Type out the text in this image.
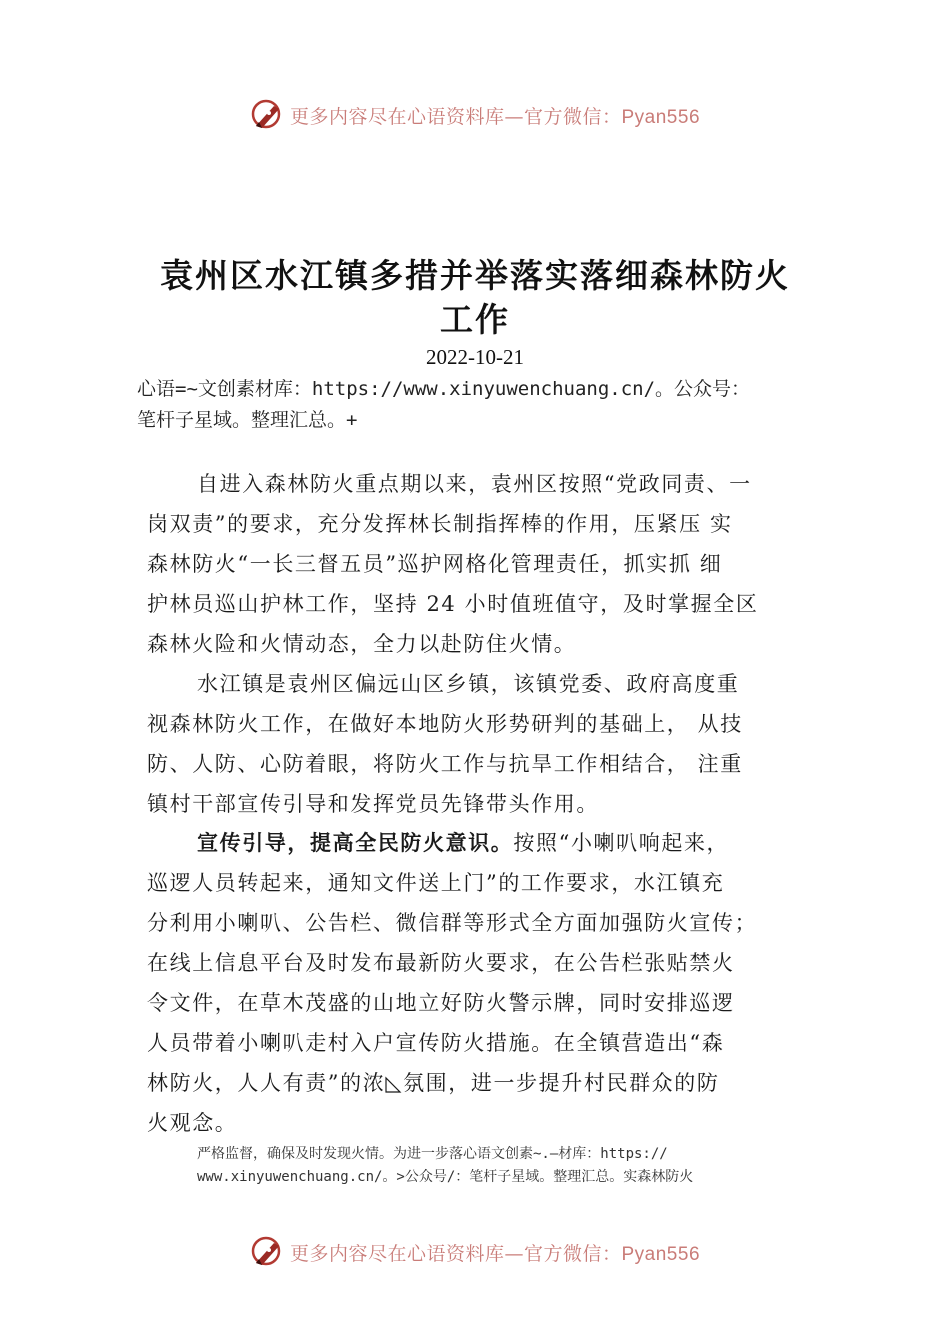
更多内容尽在心语资料库—官方微信：Pyan556
袁州区水江镇多措并举落实落细森林防火
工作
2022-10-21
心语=~文创素材库：https://www.xinyuwenchuang.cn/。公众号：
笔杆子星域。整理汇总。+
自进入森林防火重点期以来，袁州区按照“党政同责、一
岗双责”的要求，充分发挥林长制指挥棒的作用，压紧压 实
森林防火“一长三督五员”巡护网格化管理责任，抓实抓 细
护林员巡山护林工作，坚持 24 小时值班值守，及时掌握全区
森林火险和火情动态，全力以赴防住火情。
水江镇是袁州区偏远山区乡镇，该镇党委、政府高度重
视森林防火工作，在做好本地防火形势研判的基础上， 从技
防、人防、心防着眼，将防火工作与抗旱工作相结合， 注重
镇村干部宣传引导和发挥党员先锋带头作用。
宣传引导，提高全民防火意识。按照“小喇叭响起来，
巡逻人员转起来，通知文件送上门”的工作要求，水江镇充
分利用小喇叭、公告栏、微信群等形式全方面加强防火宣传；
在线上信息平台及时发布最新防火要求，在公告栏张贴禁火
令文件，在草木茂盛的山地立好防火警示牌，同时安排巡逻
人员带着小喇叭走村入户宣传防火措施。在全镇营造出“森
林防火，人人有责”的浓◺氛围，进一步提升村民群众的防
火观念。
严格监督，确保及时发现火情。为进一步落心语文创素~.—材库：https://
www.xinyuwenchuang.cn/。>公众号/：笔杆子星域。整理汇总。实森林防火
更多内容尽在心语资料库—官方微信：Pyan556
